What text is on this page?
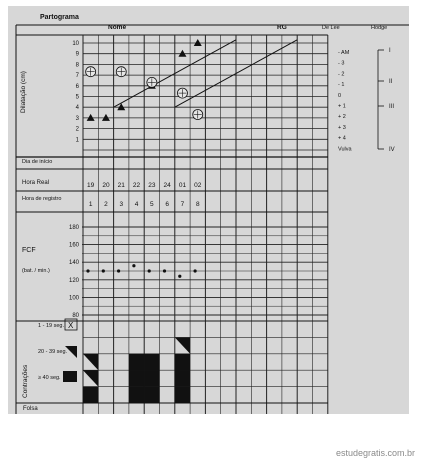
Partograma
Nome	RG	De Lee	Hodge
Dilatação (cm)
Dia de início
Hora Real
Hora de registro
FCF
(bat. / min.)
Contrações
Folsa
1 - 19 seg.
20 - 39 seg.
≥ 40 seg.
X
10
9
8
7
6
5
4
3
2
1
- AM
- 3
- 2
- 1
0
+ 1
+ 2
+ 3
+ 4
Vulva
I
II
III
IV
19 20 21 22 23 24 01 02
1 2 3 4 5 6 7 8
180
160
140
120
100
80
estudegratis.com.br
